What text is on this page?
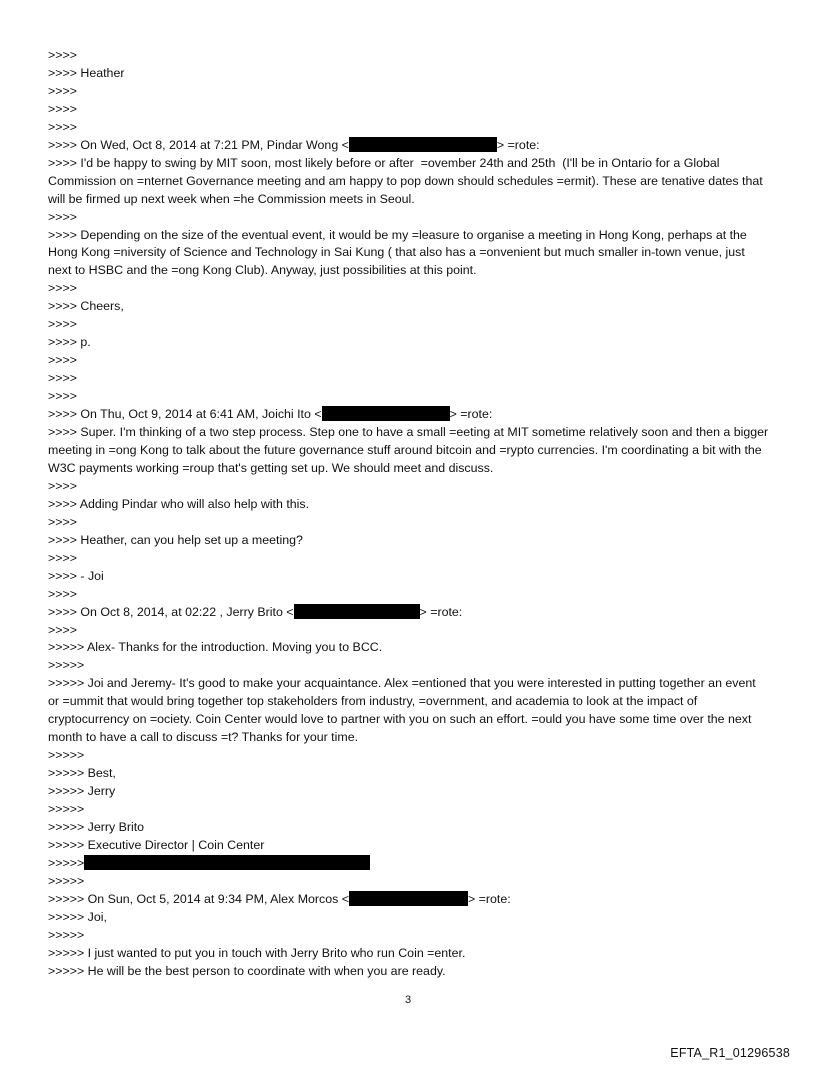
>>>>
>>>> Heather
>>>>
>>>>
>>>>
>>>> On Wed, Oct 8, 2014 at 7:21 PM, Pindar Wong <	> =rote:
>>>> I'd be happy to swing by MIT soon, most likely before or after  =ovember 24th and 25th  (I'll be in Ontario for a Global Commission on =nternet Governance meeting and am happy to pop down should schedules =ermit). These are tenative dates that will be firmed up next week when =he Commission meets in Seoul.
>>>>
>>>> Depending on the size of the eventual event, it would be my =leasure to organise a meeting in Hong Kong, perhaps at the Hong Kong =niversity of Science and Technology in Sai Kung ( that also has a =onvenient but much smaller in-town venue, just next to HSBC and the =ong Kong Club). Anyway, just possibilities at this point.
>>>>
>>>> Cheers,
>>>>
>>>> p.
>>>>
>>>>
>>>>
>>>> On Thu, Oct 9, 2014 at 6:41 AM, Joichi Ito <	> =rote:
>>>> Super. I'm thinking of a two step process. Step one to have a small =eeting at MIT sometime relatively soon and then a bigger meeting in =ong Kong to talk about the future governance stuff around bitcoin and =rypto currencies. I'm coordinating a bit with the W3C payments working =roup that's getting set up. We should meet and discuss.
>>>>
>>>> Adding Pindar who will also help with this.
>>>>
>>>> Heather, can you help set up a meeting?
>>>>
>>>> - Joi
>>>>
>>>> On Oct 8, 2014, at 02:22 , Jerry Brito <	> =rote:
>>>>
>>>>> Alex- Thanks for the introduction. Moving you to BCC.
>>>>>
>>>>> Joi and Jeremy- It's good to make your acquaintance. Alex =entioned that you were interested in putting together an event or =ummit that would bring together top stakeholders from industry, =overnment, and academia to look at the impact of cryptocurrency on =ociety. Coin Center would love to partner with you on such an effort. =ould you have some time over the next month to have a call to discuss =t? Thanks for your time.
>>>>>
>>>>> Best,
>>>>> Jerry
>>>>>
>>>>> Jerry Brito
>>>>> Executive Director | Coin Center
>>>>>
>>>>>
>>>>> On Sun, Oct 5, 2014 at 9:34 PM, Alex Morcos <	> =rote:
>>>>> Joi,
>>>>>
>>>>> I just wanted to put you in touch with Jerry Brito who run Coin =enter.
>>>>> He will be the best person to coordinate with when you are ready.
3
EFTA_R1_01296538
